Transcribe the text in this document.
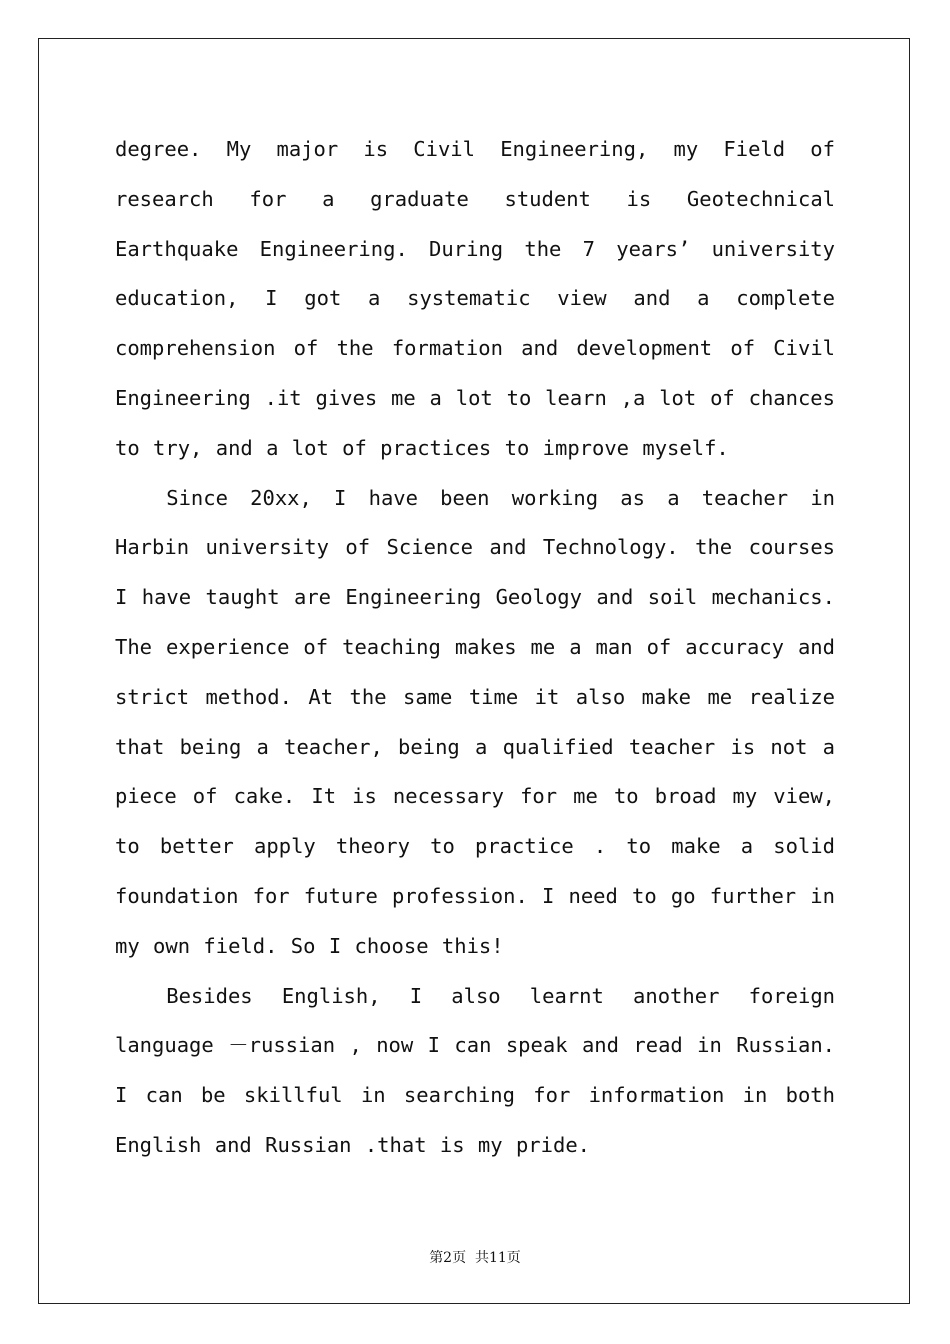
degree. My major is Civil Engineering, my Field of research for a graduate student is Geotechnical Earthquake Engineering. During the 7 years’ university education, I got a systematic view and a complete comprehension of the formation and development of Civil Engineering .it gives me a lot to learn ,a lot of chances to try, and a lot of practices to improve myself.

Since 20xx, I have been working as a teacher in Harbin university of Science and Technology. the courses I have taught are Engineering Geology and soil mechanics. The experience of teaching makes me a man of accuracy and strict method. At the same time it also make me realize that being a teacher, being a qualified teacher is not a piece of cake. It is necessary for me to broad my view, to better apply theory to practice . to make a solid foundation for future profession. I need to go further in my own field. So I choose this!

Besides English, I also learnt another foreign language －russian , now I can speak and read in Russian. I can be skillful in searching for information in both English and Russian .that is my pride.

第2页  共11页
